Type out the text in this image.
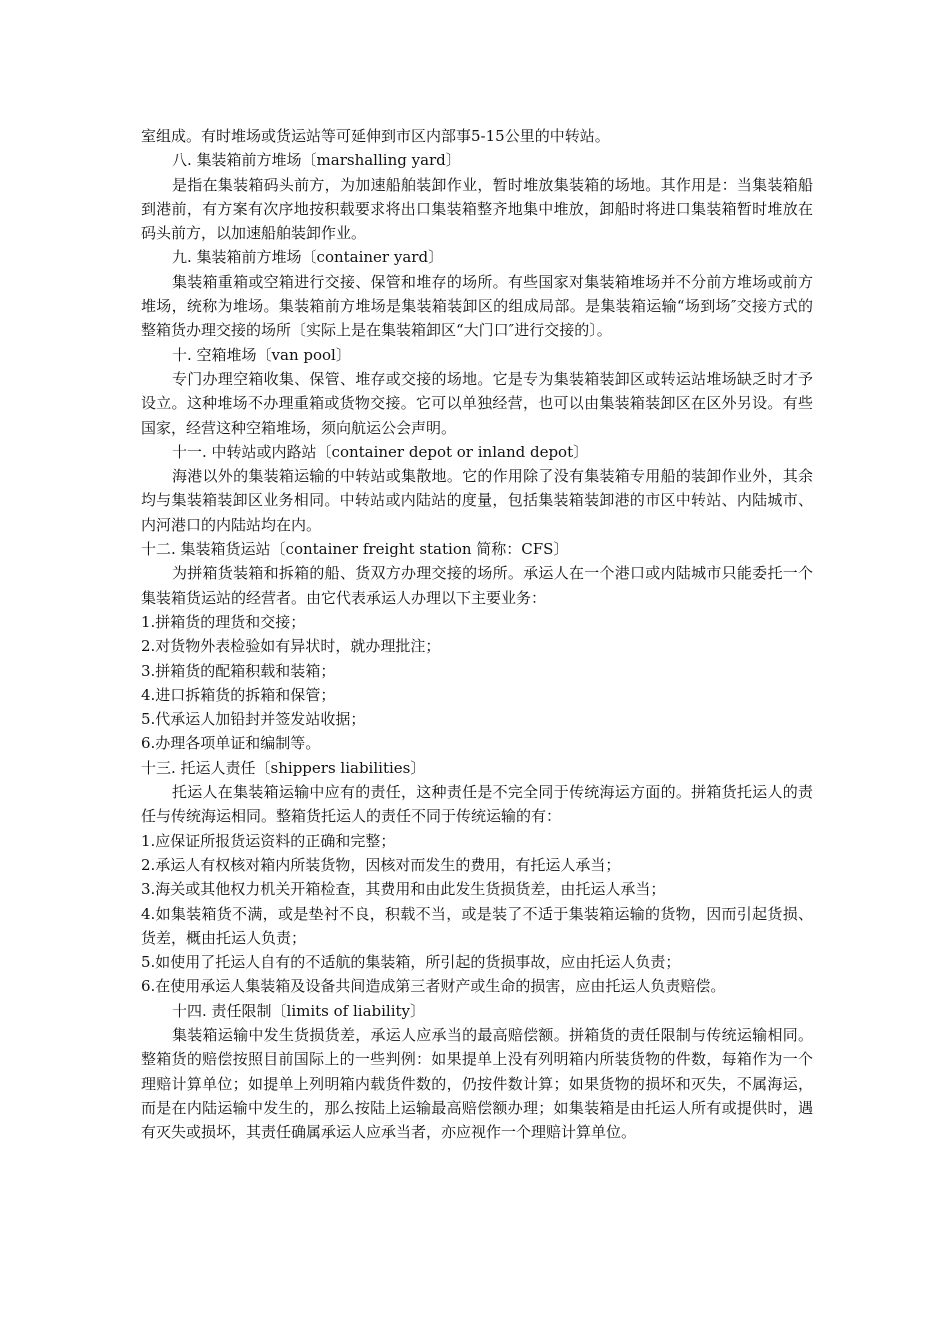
室组成。有时堆场或货运站等可延伸到市区内部事5-15公里的中转站。

八. 集装箱前方堆场〔marshalling yard〕

是指在集装箱码头前方，为加速船舶装卸作业，暂时堆放集装箱的场地。其作用是：当集装箱船到港前，有方案有次序地按积载要求将出口集装箱整齐地集中堆放，卸船时将进口集装箱暂时堆放在码头前方，以加速船舶装卸作业。

九. 集装箱前方堆场〔container yard〕

集装箱重箱或空箱进行交接、保管和堆存的场所。有些国家对集装箱堆场并不分前方堆场或前方堆场，统称为堆场。集装箱前方堆场是集装箱装卸区的组成局部。是集装箱运输“场到场″交接方式的整箱货办理交接的场所〔实际上是在集装箱卸区“大门口″进行交接的〕。

十. 空箱堆场〔van pool〕

专门办理空箱收集、保管、堆存或交接的场地。它是专为集装箱装卸区或转运站堆场缺乏时才予设立。这种堆场不办理重箱或货物交接。它可以单独经营，也可以由集装箱装卸区在区外另设。有些国家，经营这种空箱堆场，须向航运公会声明。

十一. 中转站或内路站〔container depot or inland depot〕

海港以外的集装箱运输的中转站或集散地。它的作用除了没有集装箱专用船的装卸作业外，其余均与集装箱装卸区业务相同。中转站或内陆站的度量，包括集装箱装卸港的市区中转站、内陆城市、内河港口的内陆站均在内。

十二. 集装箱货运站〔container freight station 简称：CFS〕

为拼箱货装箱和拆箱的船、货双方办理交接的场所。承运人在一个港口或内陆城市只能委托一个集装箱货运站的经营者。由它代表承运人办理以下主要业务：

1.拼箱货的理货和交接；

2.对货物外表检验如有异状时，就办理批注；

3.拼箱货的配箱积载和装箱；

4.进口拆箱货的拆箱和保管；

5.代承运人加铅封并签发站收据；

6.办理各项单证和编制等。

十三. 托运人责任〔shippers liabilities〕

托运人在集装箱运输中应有的责任，这种责任是不完全同于传统海运方面的。拼箱货托运人的责任与传统海运相同。整箱货托运人的责任不同于传统运输的有：

1.应保证所报货运资料的正确和完整；

2.承运人有权核对箱内所装货物，因核对而发生的费用，有托运人承当；

3.海关或其他权力机关开箱检查，其费用和由此发生货损货差，由托运人承当；

4.如集装箱货不满，或是垫衬不良，积载不当，或是装了不适于集装箱运输的货物，因而引起货损、货差，概由托运人负责；

5.如使用了托运人自有的不适航的集装箱，所引起的货损事故，应由托运人负责；

6.在使用承运人集装箱及设备共间造成第三者财产或生命的损害，应由托运人负责赔偿。

十四. 责任限制〔limits of liability〕

集装箱运输中发生货损货差，承运人应承当的最高赔偿额。拼箱货的责任限制与传统运输相同。整箱货的赔偿按照目前国际上的一些判例：如果提单上没有列明箱内所装货物的件数，每箱作为一个理赔计算单位；如提单上列明箱内载货件数的，仍按件数计算；如果货物的损坏和灭失，不属海运，而是在内陆运输中发生的，那么按陆上运输最高赔偿额办理；如集装箱是由托运人所有或提供时，遇有灭失或损坏，其责任确属承运人应承当者，亦应视作一个理赔计算单位。
